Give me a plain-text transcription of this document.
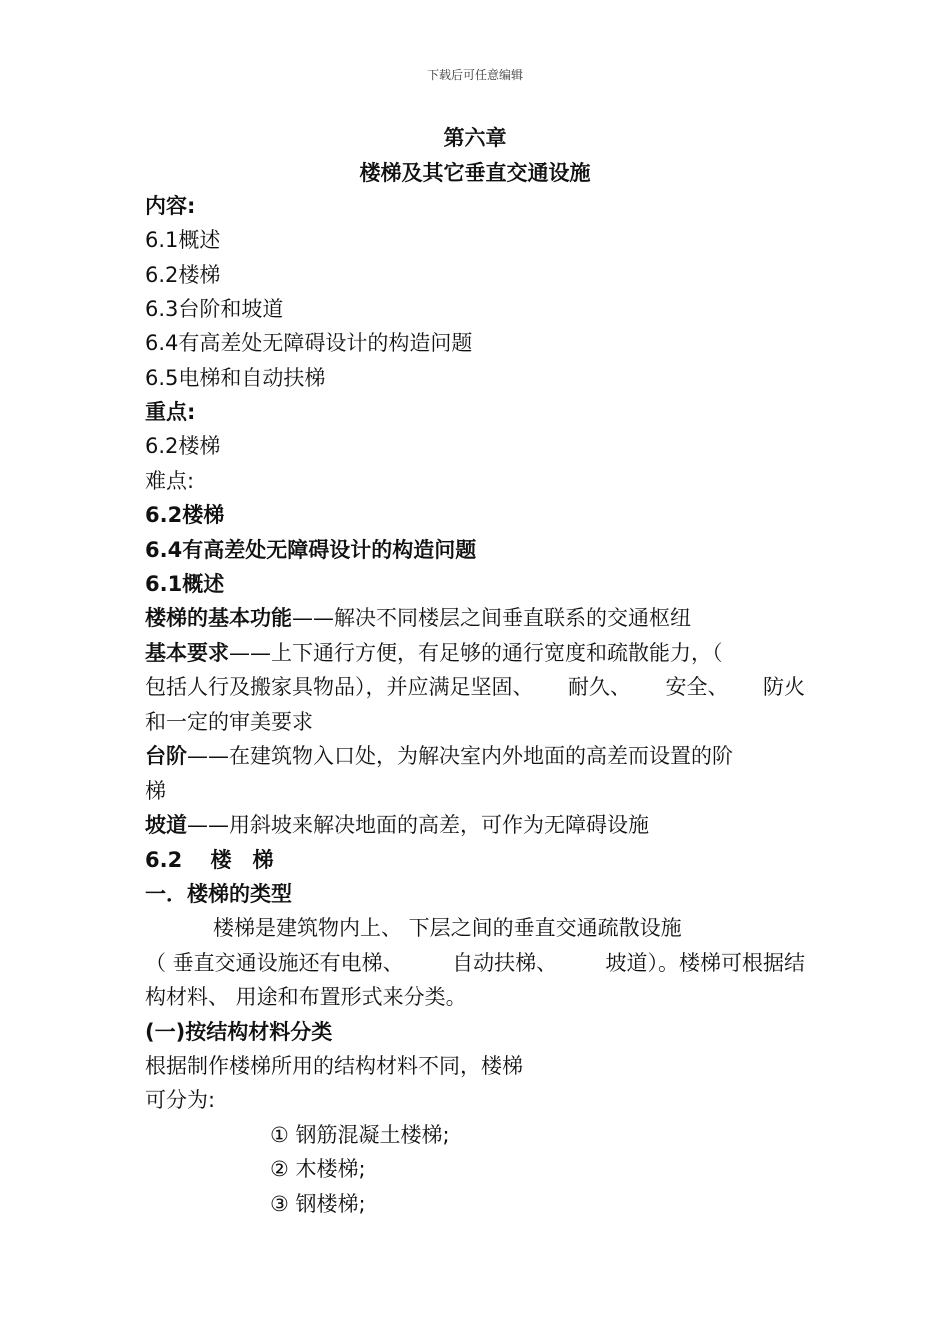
下载后可任意编辑
第六章
楼梯及其它垂直交通设施
内容:
6.1概述
6.2楼梯
6.3台阶和坡道
6.4有高差处无障碍设计的构造问题
6.5电梯和自动扶梯
重点:
6.2楼梯
难点:
6.2楼梯
6.4有高差处无障碍设计的构造问题
6.1概述
楼梯的基本功能——解决不同楼层之间垂直联系的交通枢纽
基本要求——上下通行方便，有足够的通行宽度和疏散能力，（
包括人行及搬家具物品），并应满足坚固、 耐久、 安全、 防火
和一定的审美要求
台阶——在建筑物入口处，为解决室内外地面的高差而设置的阶
梯
坡道——用斜坡来解决地面的高差，可作为无障碍设施
6.2　 楼　梯
一．楼梯的类型
楼梯是建筑物内上、 下层之间的垂直交通疏散设施
（ 垂直交通设施还有电梯、 自动扶梯、 坡道）。楼梯可根据结
构材料、 用途和布置形式来分类。
(一)按结构材料分类
根据制作楼梯所用的结构材料不同，楼梯
可分为:
① 钢筋混凝土楼梯;
② 木楼梯;
③ 钢楼梯;
